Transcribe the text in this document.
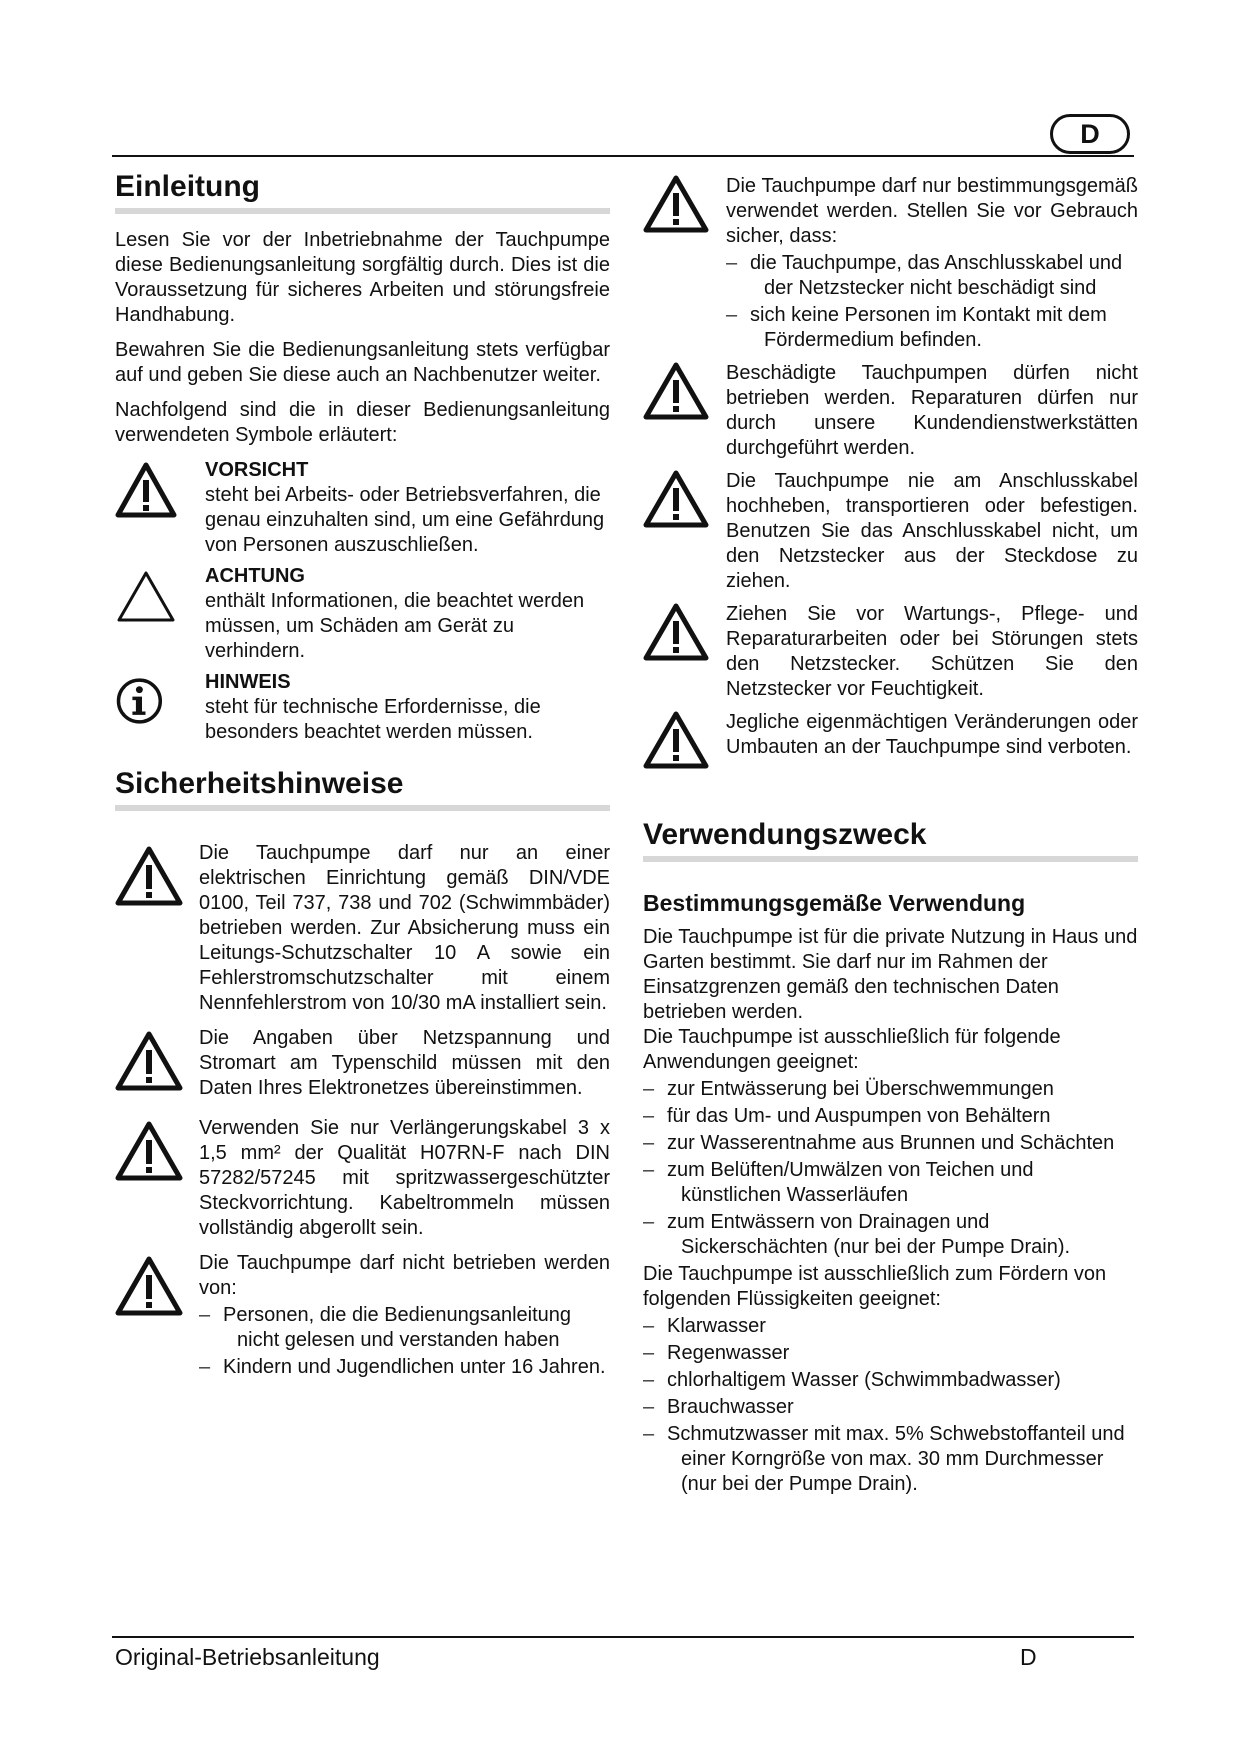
D
Einleitung

Lesen Sie vor der Inbetriebnahme der Tauchpumpe diese Bedienungsanleitung sorgfältig durch. Dies ist die Voraussetzung für sicheres Arbeiten und störungsfreie Handhabung.

Bewahren Sie die Bedienungsanleitung stets verfügbar auf und geben Sie diese auch an Nachbenutzer weiter.

Nachfolgend sind die in dieser Bedienungsanleitung verwendeten Symbole erläutert:

VORSICHT
steht bei Arbeits- oder Betriebsverfahren, die genau einzuhalten sind, um eine Gefährdung von Personen auszuschließen.
ACHTUNG
enthält Informationen, die beachtet werden müssen, um Schäden am Gerät zu verhindern.
HINWEIS
steht für technische Erfordernisse, die besonders beachtet werden müssen.
Sicherheitshinweise
Die Tauchpumpe darf nur an einer elektrischen Einrichtung gemäß DIN/VDE 0100, Teil 737, 738 und 702 (Schwimmbäder) betrieben werden. Zur Absicherung muss ein Leitungs-Schutzschalter 10 A sowie ein Fehlerstromschutzschalter mit einem Nennfehlerstrom von 10/30 mA installiert sein.
Die Angaben über Netzspannung und Stromart am Typenschild müssen mit den Daten Ihres Elektronetzes übereinstimmen.
Verwenden Sie nur Verlängerungskabel 3 x 1,5 mm² der Qualität H07RN-F nach DIN 57282/57245 mit spritzwassergeschützter Steckvorrichtung. Kabeltrommeln müssen vollständig abgerollt sein.
Die Tauchpumpe darf nicht betrieben werden von:
– Personen, die die Bedienungsanleitung nicht gelesen und verstanden haben
– Kindern und Jugendlichen unter 16 Jahren.
Die Tauchpumpe darf nur bestimmungsgemäß verwendet werden. Stellen Sie vor Gebrauch sicher, dass:
– die Tauchpumpe, das Anschlusskabel und der Netzstecker nicht beschädigt sind
– sich keine Personen im Kontakt mit dem Fördermedium befinden.
Beschädigte Tauchpumpen dürfen nicht betrieben werden. Reparaturen dürfen nur durch unsere Kundendienstwerkstätten durchgeführt werden.
Die Tauchpumpe nie am Anschlusskabel hochheben, transportieren oder befestigen. Benutzen Sie das Anschlusskabel nicht, um den Netzstecker aus der Steckdose zu ziehen.
Ziehen Sie vor Wartungs-, Pflege- und Reparaturarbeiten oder bei Störungen stets den Netzstecker. Schützen Sie den Netzstecker vor Feuchtigkeit.
Jegliche eigenmächtigen Veränderungen oder Umbauten an der Tauchpumpe sind verboten.
Verwendungszweck
Bestimmungsgemäße Verwendung

Die Tauchpumpe ist für die private Nutzung in Haus und Garten bestimmt. Sie darf nur im Rahmen der Einsatzgrenzen gemäß den technischen Daten betrieben werden.

Die Tauchpumpe ist ausschließlich für folgende Anwendungen geeignet:

– zur Entwässerung bei Überschwemmungen
– für das Um- und Auspumpen von Behältern
– zur Wasserentnahme aus Brunnen und Schächten
– zum Belüften/Umwälzen von Teichen und künstlichen Wasserläufen
– zum Entwässern von Drainagen und Sickerschächten (nur bei der Pumpe Drain).

Die Tauchpumpe ist ausschließlich zum Fördern von folgenden Flüssigkeiten geeignet:

– Klarwasser
– Regenwasser
– chlorhaltigem Wasser (Schwimmbadwasser)
– Brauchwasser
– Schmutzwasser mit max. 5% Schwebstoffanteil und einer Korngröße von max. 30 mm Durchmesser (nur bei der Pumpe Drain).
Original-Betriebsanleitung	D
